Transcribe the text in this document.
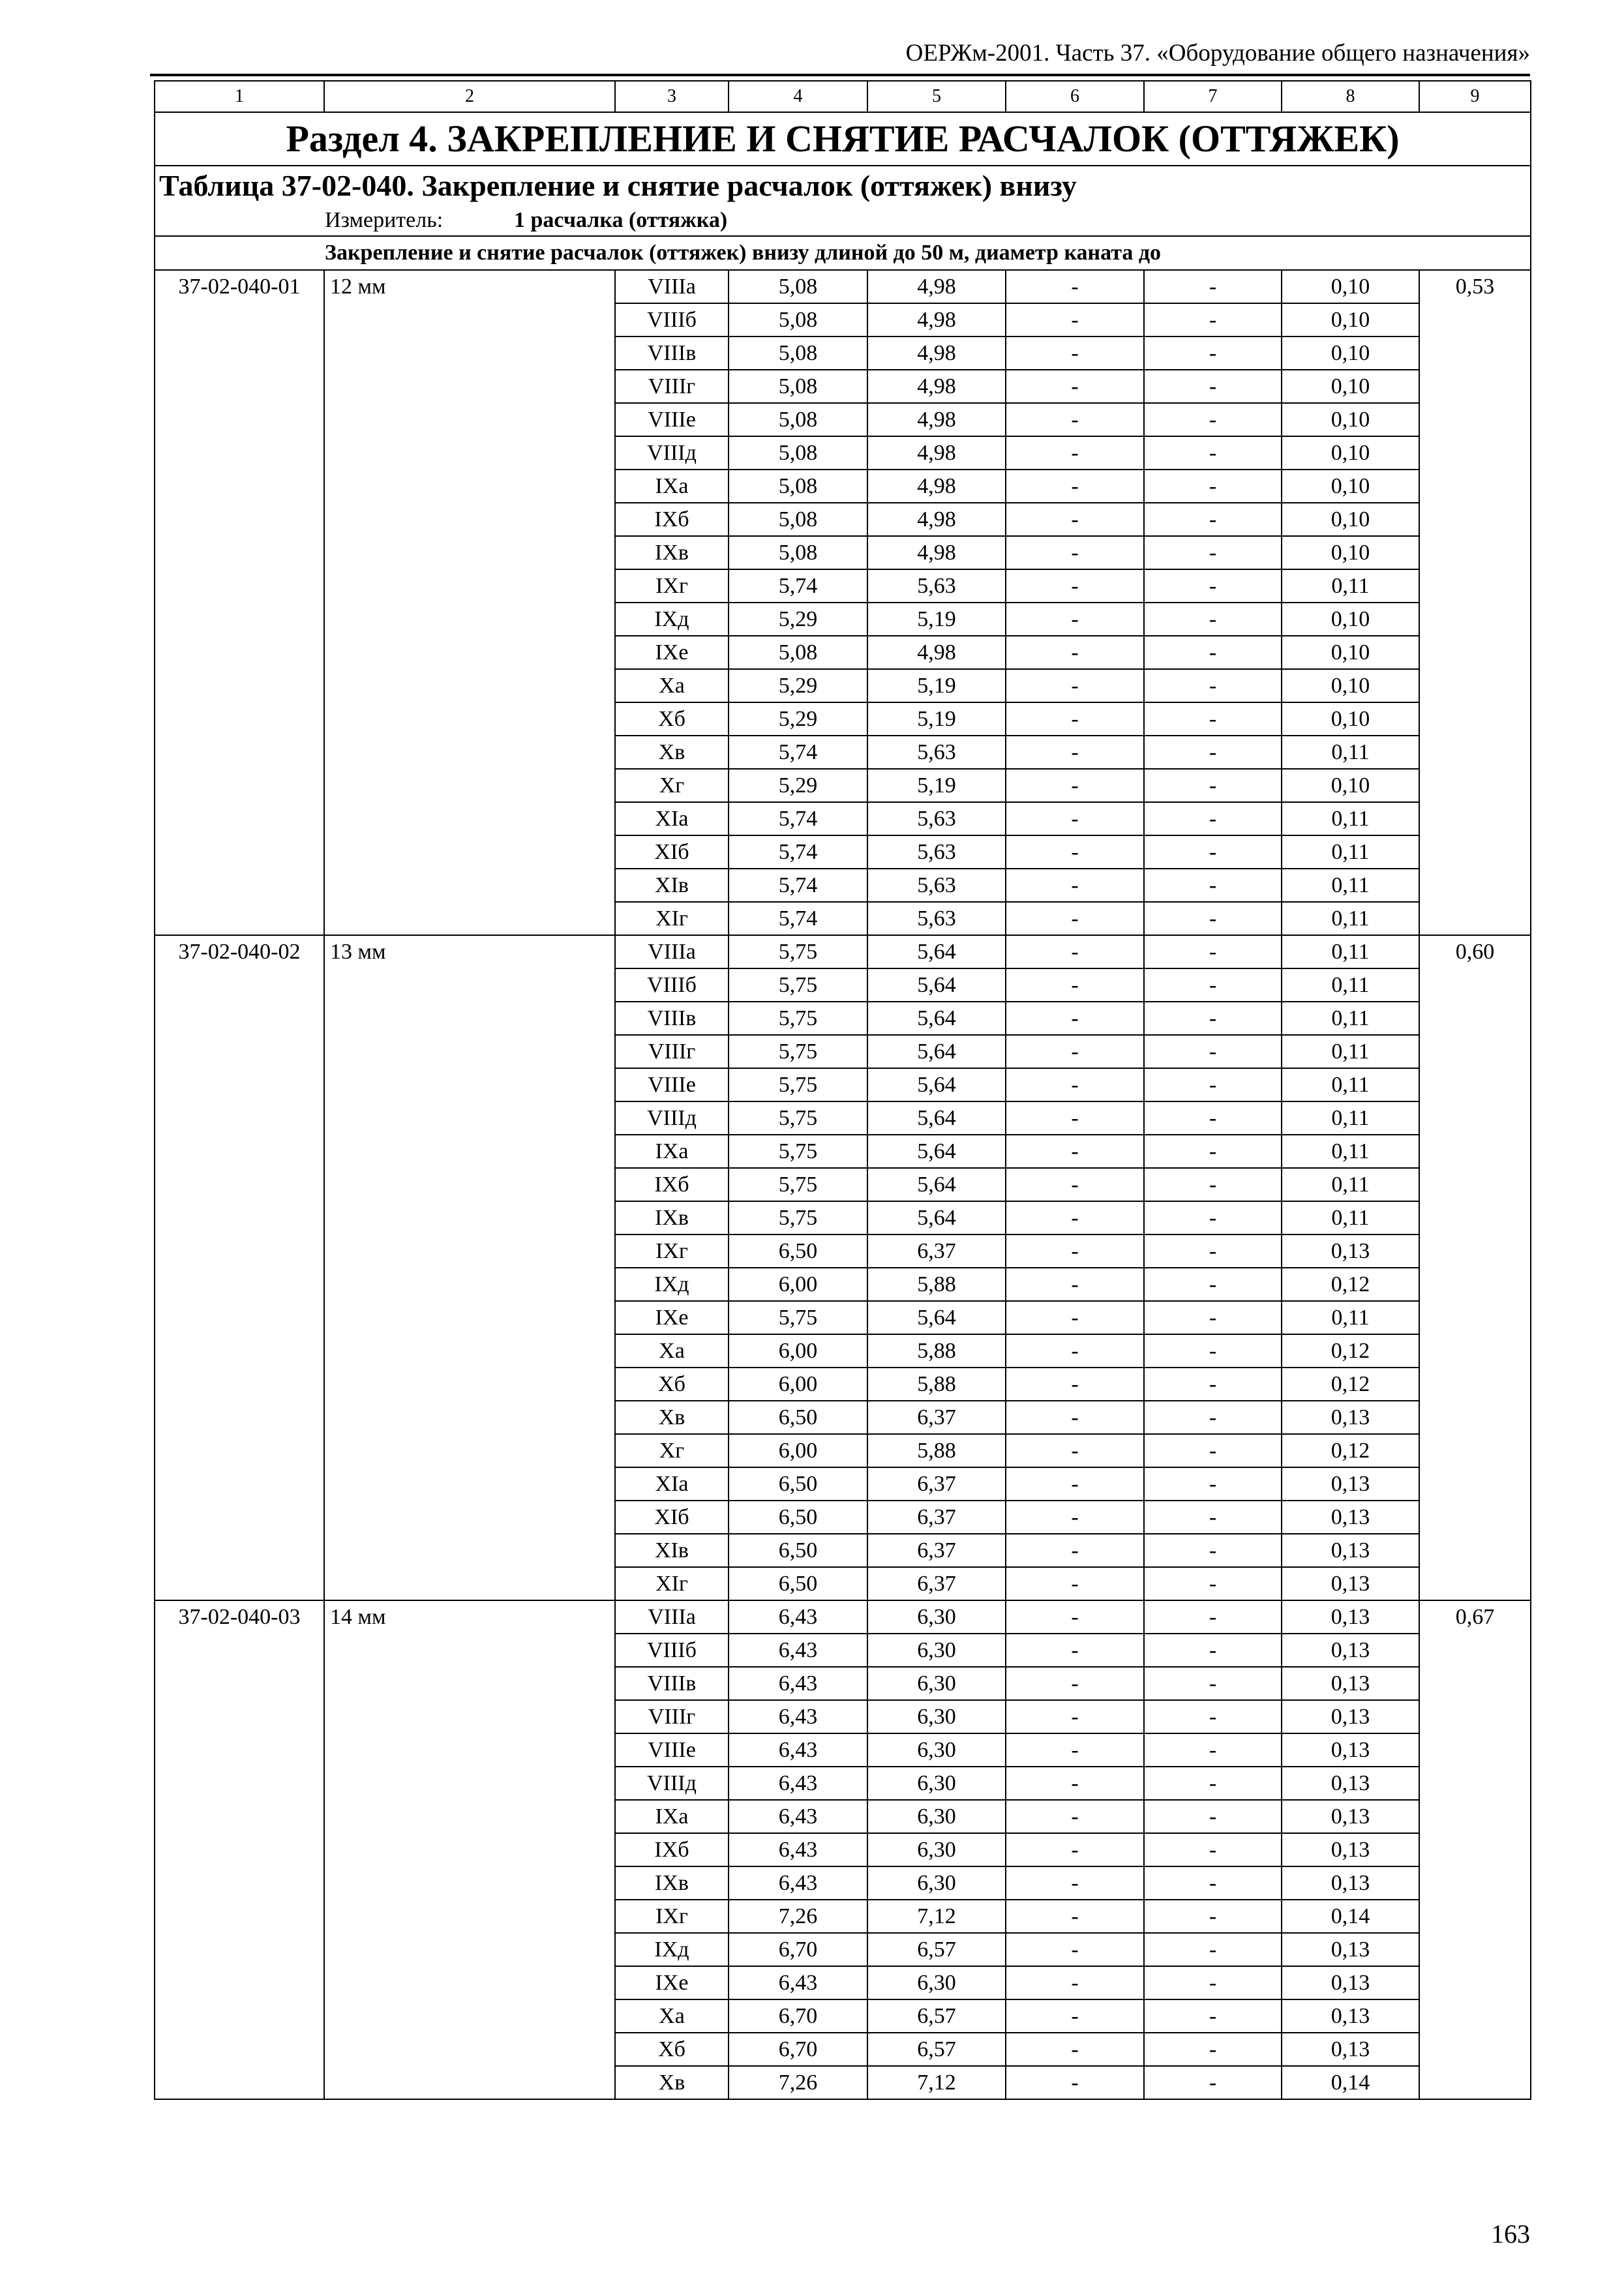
ОЕРЖм-2001. Часть 37. «Оборудование общего назначения»
1	2	3	4	5	6	7	8	9
Раздел 4. ЗАКРЕПЛЕНИЕ И СНЯТИЕ РАСЧАЛОК (ОТТЯЖЕК)								
Таблица 37-02-040. Закрепление и снятие расчалок (оттяжек) внизу								
Измеритель: 1 расчалка (оттяжка)								
Закрепление и снятие расчалок (оттяжек) внизу длиной до 50 м, диаметр каната до								
37-02-040-01	12 мм	VIIIа	5,08	4,98	-	-	0,10	0,53
		VIIIб	5,08	4,98	-	-	0,10	
		VIIIв	5,08	4,98	-	-	0,10	
		VIIIг	5,08	4,98	-	-	0,10	
		VIIIе	5,08	4,98	-	-	0,10	
		VIIIд	5,08	4,98	-	-	0,10	
		IXа	5,08	4,98	-	-	0,10	
		IXб	5,08	4,98	-	-	0,10	
		IXв	5,08	4,98	-	-	0,10	
		IXг	5,74	5,63	-	-	0,11	
		IXд	5,29	5,19	-	-	0,10	
		IXе	5,08	4,98	-	-	0,10	
		Xа	5,29	5,19	-	-	0,10	
		Xб	5,29	5,19	-	-	0,10	
		Xв	5,74	5,63	-	-	0,11	
		Xг	5,29	5,19	-	-	0,10	
		XIа	5,74	5,63	-	-	0,11	
		XIб	5,74	5,63	-	-	0,11	
		XIв	5,74	5,63	-	-	0,11	
		XIг	5,74	5,63	-	-	0,11	
37-02-040-02	13 мм	VIIIа	5,75	5,64	-	-	0,11	0,60
		VIIIб	5,75	5,64	-	-	0,11	
		VIIIв	5,75	5,64	-	-	0,11	
		VIIIг	5,75	5,64	-	-	0,11	
		VIIIе	5,75	5,64	-	-	0,11	
		VIIIд	5,75	5,64	-	-	0,11	
		IXа	5,75	5,64	-	-	0,11	
		IXб	5,75	5,64	-	-	0,11	
		IXв	5,75	5,64	-	-	0,11	
		IXг	6,50	6,37	-	-	0,13	
		IXд	6,00	5,88	-	-	0,12	
		IXе	5,75	5,64	-	-	0,11	
		Xа	6,00	5,88	-	-	0,12	
		Xб	6,00	5,88	-	-	0,12	
		Xв	6,50	6,37	-	-	0,13	
		Xг	6,00	5,88	-	-	0,12	
		XIа	6,50	6,37	-	-	0,13	
		XIб	6,50	6,37	-	-	0,13	
		XIв	6,50	6,37	-	-	0,13	
		XIг	6,50	6,37	-	-	0,13	
37-02-040-03	14 мм	VIIIа	6,43	6,30	-	-	0,13	0,67
		VIIIб	6,43	6,30	-	-	0,13	
		VIIIв	6,43	6,30	-	-	0,13	
		VIIIг	6,43	6,30	-	-	0,13	
		VIIIе	6,43	6,30	-	-	0,13	
		VIIIд	6,43	6,30	-	-	0,13	
		IXа	6,43	6,30	-	-	0,13	
		IXб	6,43	6,30	-	-	0,13	
		IXв	6,43	6,30	-	-	0,13	
		IXг	7,26	7,12	-	-	0,14	
		IXд	6,70	6,57	-	-	0,13	
		IXе	6,43	6,30	-	-	0,13	
		Xа	6,70	6,57	-	-	0,13	
		Xб	6,70	6,57	-	-	0,13	
		Xв	7,26	7,12	-	-	0,14	
163
